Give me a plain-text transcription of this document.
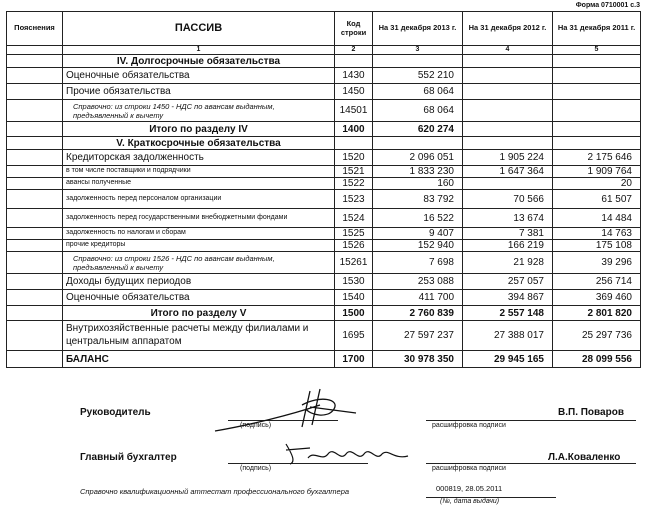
Форма 0710001 с.3
Пояснения	ПАССИВ	Код строки	На 31 декабря 2013 г.	На 31 декабря 2012 г.	На 31 декабря 2011 г.
	1	2	3	4	5
	IV. Долгосрочные обязательства				
	Оценочные обязательства	1430	552 210		
	Прочие обязательства	1450	68 064		
	Справочно: из строки 1450 - НДС по авансам выданным, предъявленный к вычету	14501	68 064		
	Итого по разделу IV	1400	620 274		
	V. Краткосрочные обязательства				
	Кредиторская задолженность	1520	2 096 051	1 905 224	2 175 646
	в том числе поставщики и подрядчики	1521	1 833 230	1 647 364	1 909 764
	авансы полученные	1522	160		20
	задолженность перед персоналом организации	1523	83 792	70 566	61 507
	задолженность перед государственными внебюджетными фондами	1524	16 522	13 674	14 484
	задолженность по налогам и сборам	1525	9 407	7 381	14 763
	прочие кредиторы	1526	152 940	166 219	175 108
	Справочно: из строки 1526 - НДС по авансам выданным, предъявленный к вычету	15261	7 698	21 928	39 296
	Доходы будущих периодов	1530	253 088	257 057	256 714
	Оценочные обязательства	1540	411 700	394 867	369 460
	Итого по разделу V	1500	2 760 839	2 557 148	2 801 820
	Внутрихозяйственные расчеты между филиалами и центральным аппаратом	1695	27 597 237	27 388 017	25 297 736
	БАЛАНС	1700	30 978 350	29 945 165	28 099 556
Руководитель
(подпись)	расшифровка подписи
В.П. Поваров
Главный бухгалтер
(подпись)	расшифровка подписи
Л.А.Коваленко
Справочно квалификационный аттестат профессионального бухгалтера	000819, 28.05.2011
(№, дата выдачи)
